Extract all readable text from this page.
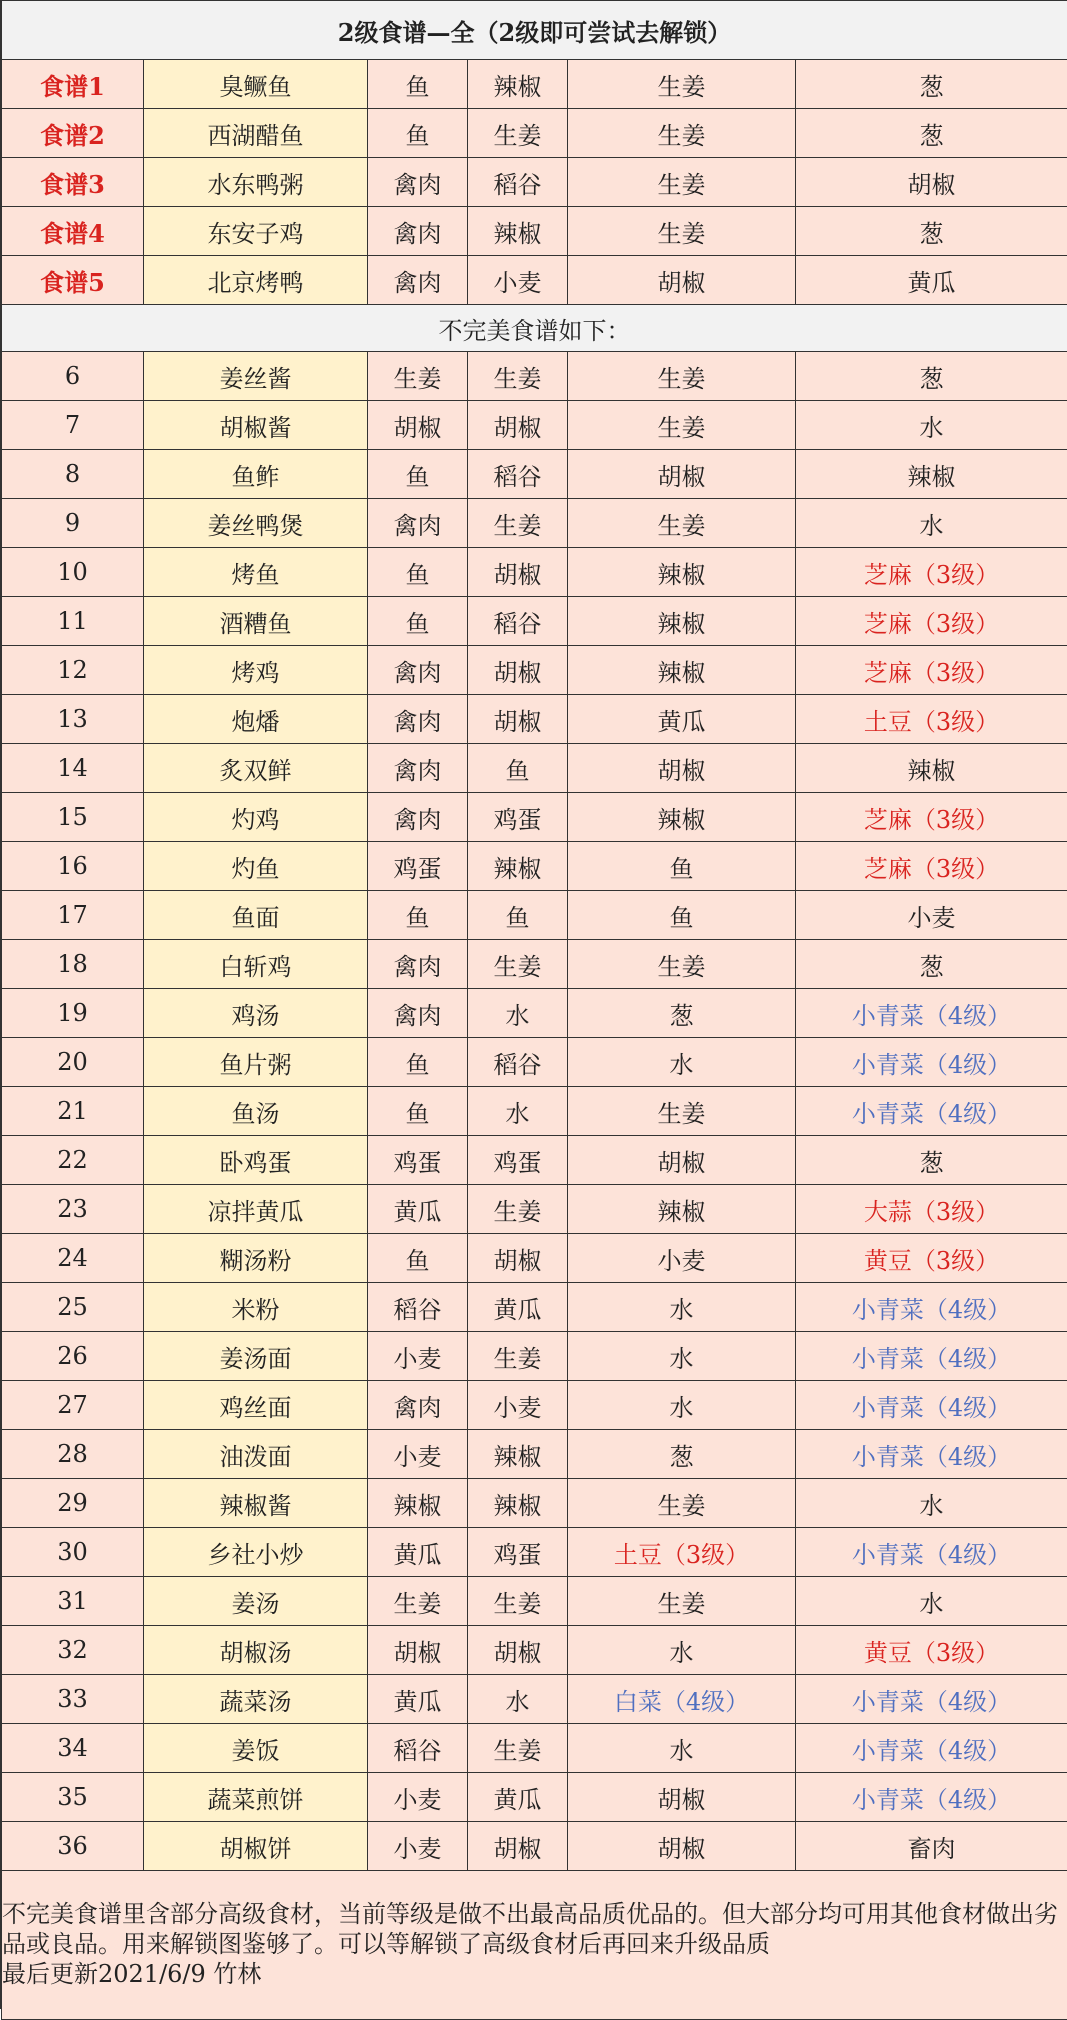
2级食谱—全（2级即可尝试去解锁）					
食谱1	臭鳜鱼	鱼	辣椒	生姜	葱
食谱2	西湖醋鱼	鱼	生姜	生姜	葱
食谱3	水东鸭粥	禽肉	稻谷	生姜	胡椒
食谱4	东安子鸡	禽肉	辣椒	生姜	葱
食谱5	北京烤鸭	禽肉	小麦	胡椒	黄瓜
不完美食谱如下：					
6	姜丝酱	生姜	生姜	生姜	葱
7	胡椒酱	胡椒	胡椒	生姜	水
8	鱼鲊	鱼	稻谷	胡椒	辣椒
9	姜丝鸭煲	禽肉	生姜	生姜	水
10	烤鱼	鱼	胡椒	辣椒	芝麻（3级）
11	酒糟鱼	鱼	稻谷	辣椒	芝麻（3级）
12	烤鸡	禽肉	胡椒	辣椒	芝麻（3级）
13	炮燔	禽肉	胡椒	黄瓜	土豆（3级）
14	炙双鲜	禽肉	鱼	胡椒	辣椒
15	灼鸡	禽肉	鸡蛋	辣椒	芝麻（3级）
16	灼鱼	鸡蛋	辣椒	鱼	芝麻（3级）
17	鱼面	鱼	鱼	鱼	小麦
18	白斩鸡	禽肉	生姜	生姜	葱
19	鸡汤	禽肉	水	葱	小青菜（4级）
20	鱼片粥	鱼	稻谷	水	小青菜（4级）
21	鱼汤	鱼	水	生姜	小青菜（4级）
22	卧鸡蛋	鸡蛋	鸡蛋	胡椒	葱
23	凉拌黄瓜	黄瓜	生姜	辣椒	大蒜（3级）
24	糊汤粉	鱼	胡椒	小麦	黄豆（3级）
25	米粉	稻谷	黄瓜	水	小青菜（4级）
26	姜汤面	小麦	生姜	水	小青菜（4级）
27	鸡丝面	禽肉	小麦	水	小青菜（4级）
28	油泼面	小麦	辣椒	葱	小青菜（4级）
29	辣椒酱	辣椒	辣椒	生姜	水
30	乡社小炒	黄瓜	鸡蛋	土豆（3级）	小青菜（4级）
31	姜汤	生姜	生姜	生姜	水
32	胡椒汤	胡椒	胡椒	水	黄豆（3级）
33	蔬菜汤	黄瓜	水	白菜（4级）	小青菜（4级）
34	姜饭	稻谷	生姜	水	小青菜（4级）
35	蔬菜煎饼	小麦	黄瓜	胡椒	小青菜（4级）
36	胡椒饼	小麦	胡椒	胡椒	畜肉

不完美食谱里含部分高级食材，当前等级是做不出最高品质优品的。但大部分均可用其他食材做出劣品或良品。用来解锁图鉴够了。可以等解锁了高级食材后再回来升级品质
最后更新2021/6/9 竹林					
